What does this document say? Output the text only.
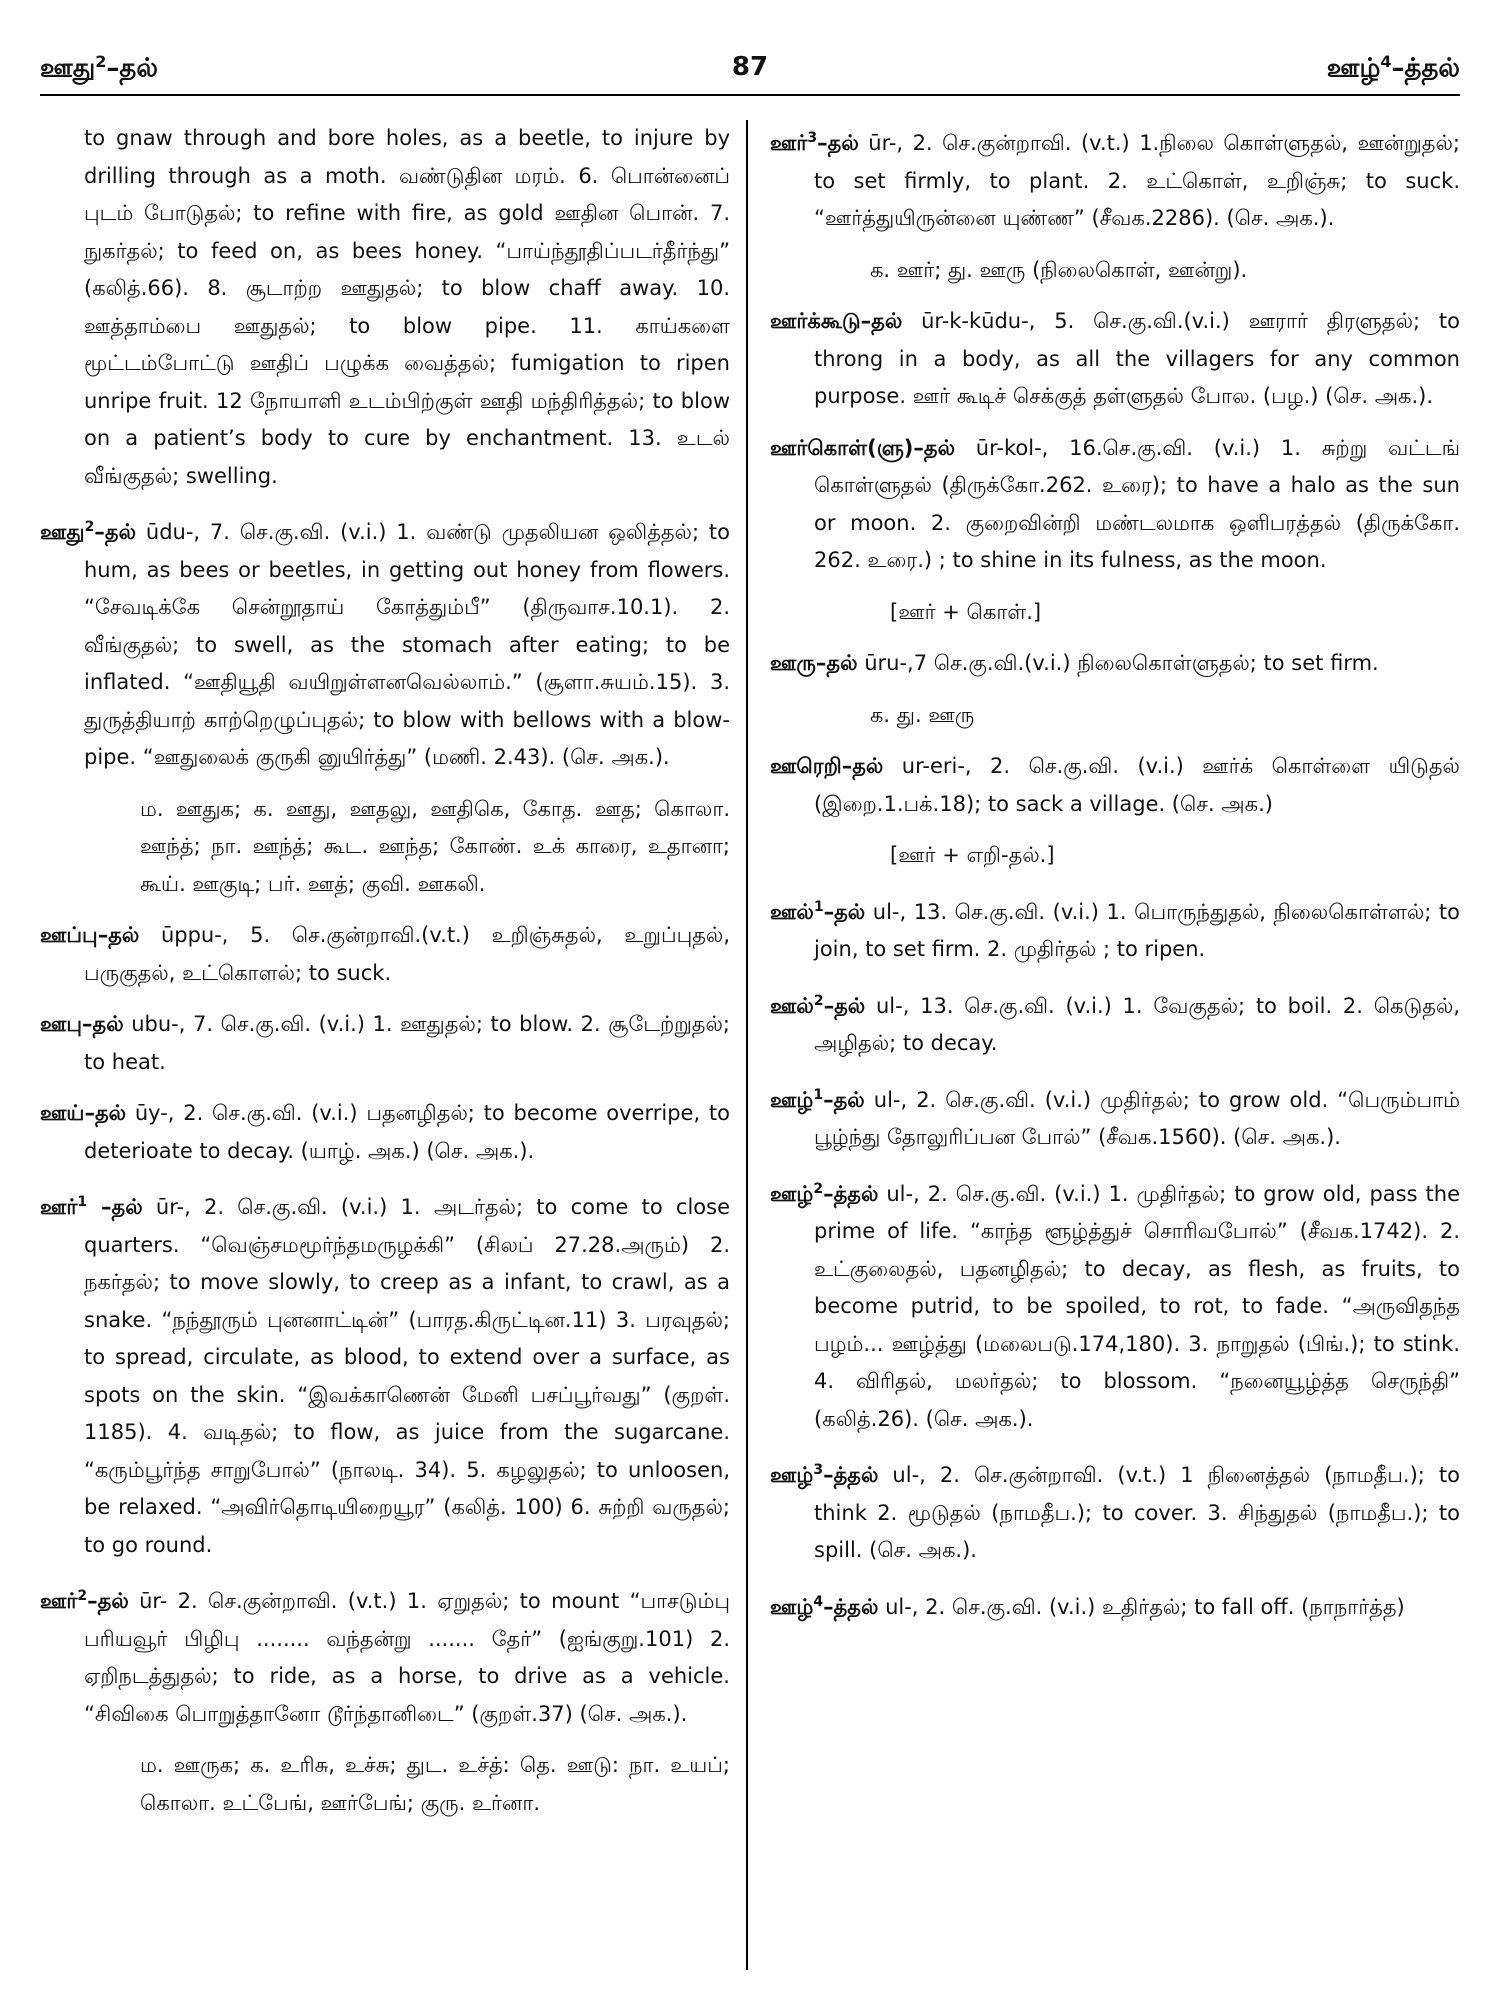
ஊது$^2$–தல்	87	ஊழ்$^4$–த்தல்

to gnaw through and bore holes, as a beetle, to injure by drilling through as a moth. வண்டுதின மரம். 6. பொன்னைப் புடம் போடுதல்; to refine with fire, as gold ஊதின பொன். 7. நுகர்தல்; to feed on, as bees honey. “பாய்ந்தூதிப்படர்தீர்ந்து” (கலித்.66). 8. சூடாற்ற ஊதுதல்; to blow chaff away. 10. ஊத்தாம்பை ஊதுதல்; to blow pipe. 11. காய்களை மூட்டம்போட்டு ஊதிப் பழுக்க வைத்தல்; fumigation to ripen unripe fruit. 12 நோயாளி உடம்பிற்குள் ஊதி மந்திரித்தல்; to blow on a patient’s body to cure by enchantment. 13. உடல் வீங்குதல்; swelling.

ஊது$^2$–தல் ūdu-, 7. செ.கு.வி. (v.i.) 1. வண்டு முதலியன ஒலித்தல்; to hum, as bees or beetles, in getting out honey from flowers. “சேவடிக்கே சென்றூதாய் கோத்தும்பீ” (திருவாச.10.1). 2. வீங்குதல்; to swell, as the stomach after eating; to be inflated. “ஊதியூதி வயிறுள்ளனவெல்லாம்.” (சூளா.சுயம்.15). 3. துருத்தியாற் காற்றெழுப்புதல்; to blow with bellows with a blow-pipe. “ஊதுலைக் குருகி னுயிர்த்து” (மணி. 2.43). (செ. அக.).

ம. ஊதுக; க. ஊது, ஊதலு, ஊதிகெ, கோத. ஊத; கொலா. ஊந்த்; நா. ஊந்த்; கூட. ஊந்த; கோண். உக் காரை, உதானா; கூய். ஊகுடி; பர். ஊத்; குவி. ஊகலி.

ஊப்பு–தல் ūppu-, 5. செ.குன்றாவி.(v.t.) உறிஞ்சுதல், உறுப்புதல், பருகுதல், உட்கொளல்; to suck.

ஊபு–தல் ubu-, 7. செ.கு.வி. (v.i.) 1. ஊதுதல்; to blow. 2. சூடேற்றுதல்; to heat.

ஊய்–தல் ūy-, 2. செ.கு.வி. (v.i.) பதனழிதல்; to become overripe, to deterioate to decay. (யாழ். அக.) (செ. அக.).

ஊர்$^1$ –தல் ūr-, 2. செ.கு.வி. (v.i.) 1. அடர்தல்; to come to close quarters. “வெஞ்சமமூர்ந்தமருழக்கி” (சிலப் 27.28.அரும்) 2. நகர்தல்; to move slowly, to creep as a infant, to crawl, as a snake. “நந்தூரும் புனனாட்டின்” (பாரத.கிருட்டின.11) 3. பரவுதல்; to spread, circulate, as blood, to extend over a surface, as spots on the skin. “இவக்காணென் மேனி பசப்பூர்வது” (குறள். 1185). 4. வடிதல்; to flow, as juice from the sugarcane. “கரும்பூர்ந்த சாறுபோல்” (நாலடி. 34). 5. கழலுதல்; to unloosen, be relaxed. “அவிர்தொடியிறையூர” (கலித். 100) 6. சுற்றி வருதல்; to go round.

ஊர்$^2$–தல் ūr- 2. செ.குன்றாவி. (v.t.) 1. ஏறுதல்; to mount “பாசடும்பு பரியவூர் பிழிபு ........ வந்தன்று ....... தேர்” (ஐங்குறு.101) 2. ஏறிநடத்துதல்; to ride, as a horse, to drive as a vehicle. “சிவிகை பொறுத்தானோ டூர்ந்தானிடை” (குறள்.37) (செ. அக.).

ம. ஊருக; க. உரிசு, உச்சு; துட. உச்த்: தெ. ஊடு: நா. உயப்; கொலா. உட்பேங், ஊர்பேங்; குரு. உர்னா.

ஊர்$^3$–தல் ūr-, 2. செ.குன்றாவி. (v.t.) 1.நிலை கொள்ளுதல், ஊன்றுதல்; to set firmly, to plant. 2. உட்கொள், உறிஞ்சு; to suck. “ஊர்த்துயிருன்னை யுண்ண” (சீவக.2286). (செ. அக.).

க. ஊர்; து. ஊரு (நிலைகொள், ஊன்று).

ஊர்க்கூடு–தல் ūr-k-kūdu-, 5. செ.கு.வி.(v.i.) ஊரார் திரளுதல்; to throng in a body, as all the villagers for any common purpose. ஊர் கூடிச் செக்குத் தள்ளுதல் போல. (பழ.) (செ. அக.).

ஊர்கொள்(ளு)–தல் ūr-kol-, 16.செ.கு.வி. (v.i.) 1. சுற்று வட்டங் கொள்ளுதல் (திருக்கோ.262. உரை); to have a halo as the sun or moon. 2. குறைவின்றி மண்டலமாக ஒளிபரத்தல் (திருக்கோ. 262. உரை.) ; to shine in its fulness, as the moon.

[ஊர் + கொள்.]

ஊரு–தல் ūru-,7 செ.கு.வி.(v.i.) நிலைகொள்ளுதல்; to set firm.

க. து. ஊரு

ஊரெறி–தல் ur-eri-, 2. செ.கு.வி. (v.i.) ஊர்க் கொள்ளை யிடுதல் (இறை.1.பக்.18); to sack a village. (செ. அக.)

[ஊர் + எறி-தல்.]

ஊல்$^1$–தல் ul-, 13. செ.கு.வி. (v.i.) 1. பொருந்துதல், நிலைகொள்ளல்; to join, to set firm. 2. முதிர்தல் ; to ripen.

ஊல்$^2$–தல் ul-, 13. செ.கு.வி. (v.i.) 1. வேகுதல்; to boil. 2. கெடுதல், அழிதல்; to decay.

ஊழ்$^1$–தல் ul-, 2. செ.கு.வி. (v.i.) முதிர்தல்; to grow old. “பெரும்பாம் பூழ்ந்து தோலுரிப்பன போல்” (சீவக.1560). (செ. அக.).

ஊழ்$^2$–த்தல் ul-, 2. செ.கு.வி. (v.i.) 1. முதிர்தல்; to grow old, pass the prime of life. “காந்த ளூழ்த்துச் சொரிவபோல்” (சீவக.1742). 2. உட்குலைதல், பதனழிதல்; to decay, as flesh, as fruits, to become putrid, to be spoiled, to rot, to fade. “அருவிதந்த பழம்... ஊழ்த்து (மலைபடு.174,180). 3. நாறுதல் (பிங்.); to stink. 4. விரிதல், மலர்தல்; to blossom. “நனையூழ்த்த செருந்தி” (கலித்.26). (செ. அக.).

ஊழ்$^3$–த்தல் ul-, 2. செ.குன்றாவி. (v.t.) 1 நினைத்தல் (நாமதீப.); to think 2. மூடுதல் (நாமதீப.); to cover. 3. சிந்துதல் (நாமதீப.); to spill. (செ. அக.).

ஊழ்$^4$–த்தல் ul-, 2. செ.கு.வி. (v.i.) உதிர்தல்; to fall off. (நாநார்த்த)
